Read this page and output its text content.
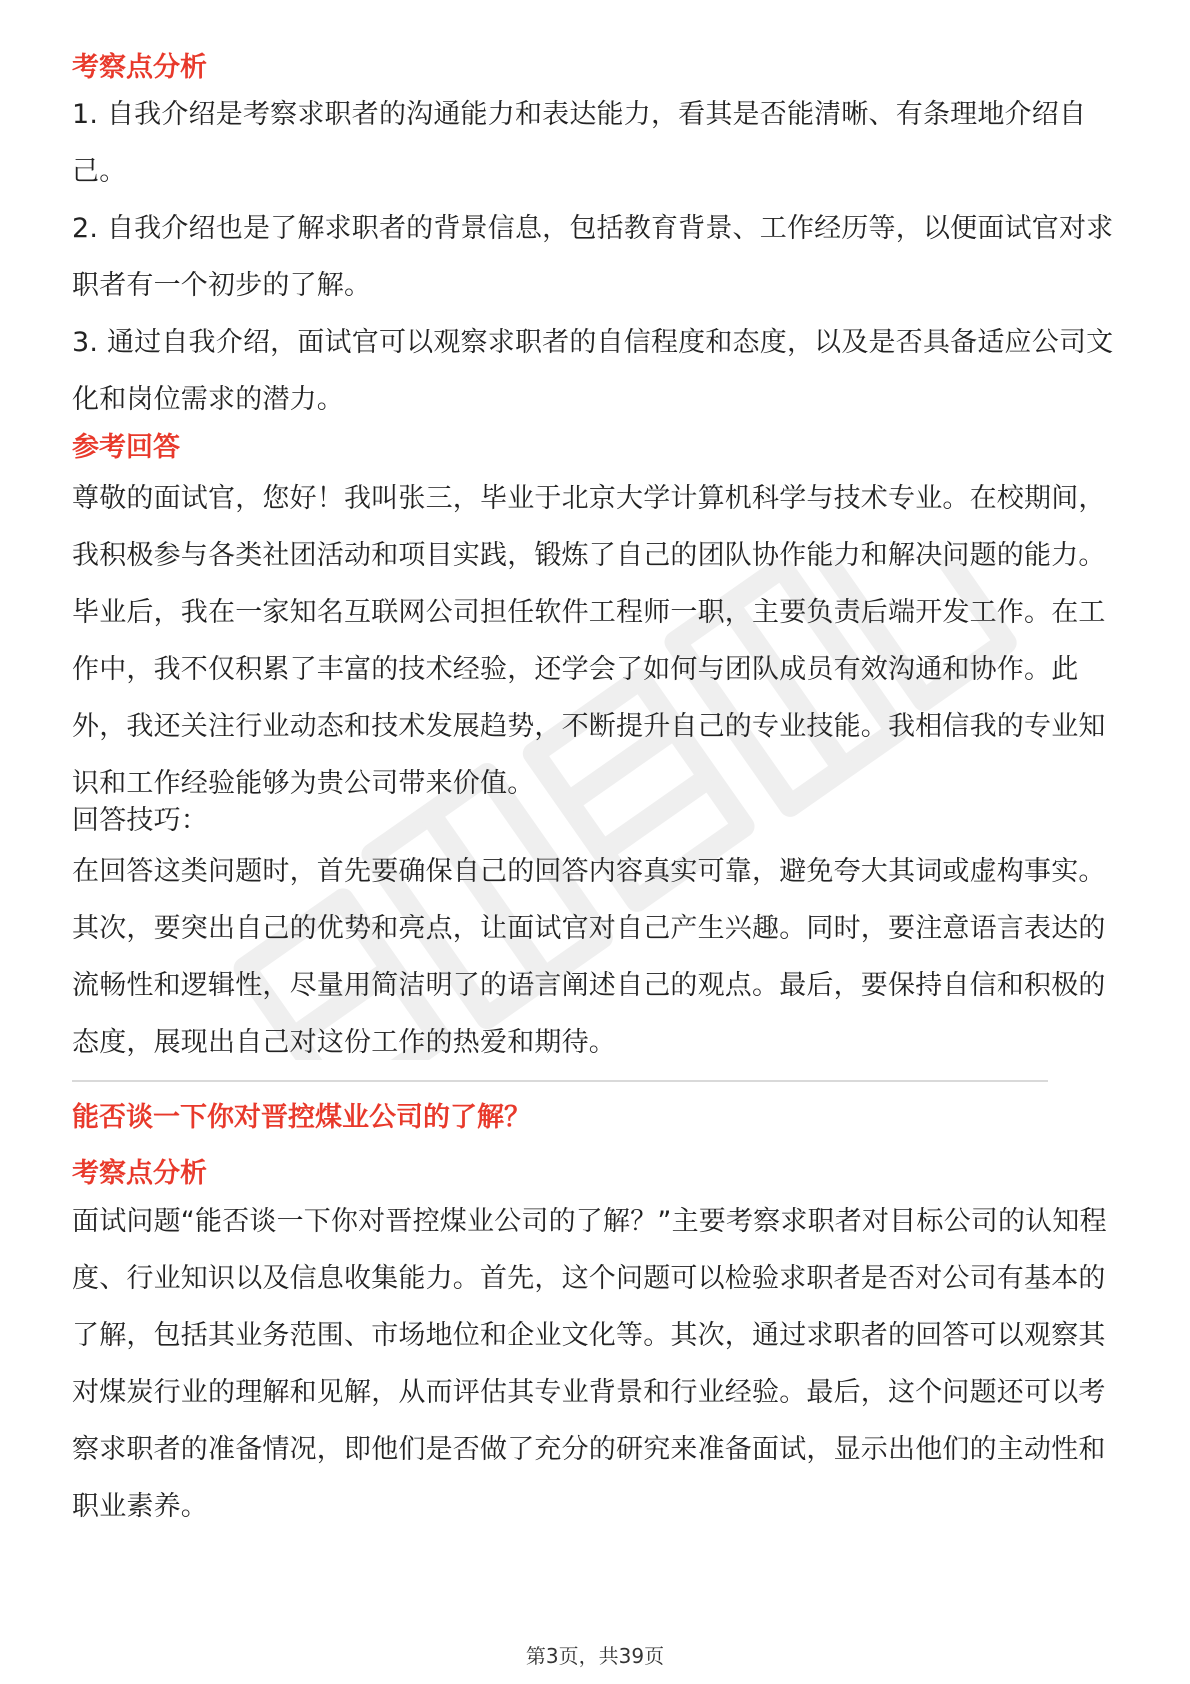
考察点分析

1. 自我介绍是考察求职者的沟通能力和表达能力，看其是否能清晰、有条理地介绍自己。

2. 自我介绍也是了解求职者的背景信息，包括教育背景、工作经历等，以便面试官对求职者有一个初步的了解。

3. 通过自我介绍，面试官可以观察求职者的自信程度和态度，以及是否具备适应公司文化和岗位需求的潜力。

参考回答

尊敬的面试官，您好！我叫张三，毕业于北京大学计算机科学与技术专业。在校期间，我积极参与各类社团活动和项目实践，锻炼了自己的团队协作能力和解决问题的能力。毕业后，我在一家知名互联网公司担任软件工程师一职，主要负责后端开发工作。在工作中，我不仅积累了丰富的技术经验，还学会了如何与团队成员有效沟通和协作。此外，我还关注行业动态和技术发展趋势，不断提升自己的专业技能。我相信我的专业知识和工作经验能够为贵公司带来价值。

回答技巧：

在回答这类问题时，首先要确保自己的回答内容真实可靠，避免夸大其词或虚构事实。其次，要突出自己的优势和亮点，让面试官对自己产生兴趣。同时，要注意语言表达的流畅性和逻辑性，尽量用简洁明了的语言阐述自己的观点。最后，要保持自信和积极的态度，展现出自己对这份工作的热爱和期待。

能否谈一下你对晋控煤业公司的了解？

考察点分析

面试问题“能否谈一下你对晋控煤业公司的了解？”主要考察求职者对目标公司的认知程度、行业知识以及信息收集能力。首先，这个问题可以检验求职者是否对公司有基本的了解，包括其业务范围、市场地位和企业文化等。其次，通过求职者的回答可以观察其对煤炭行业的理解和见解，从而评估其专业背景和行业经验。最后，这个问题还可以考察求职者的准备情况，即他们是否做了充分的研究来准备面试，显示出他们的主动性和职业素养。

第3页，共39页
